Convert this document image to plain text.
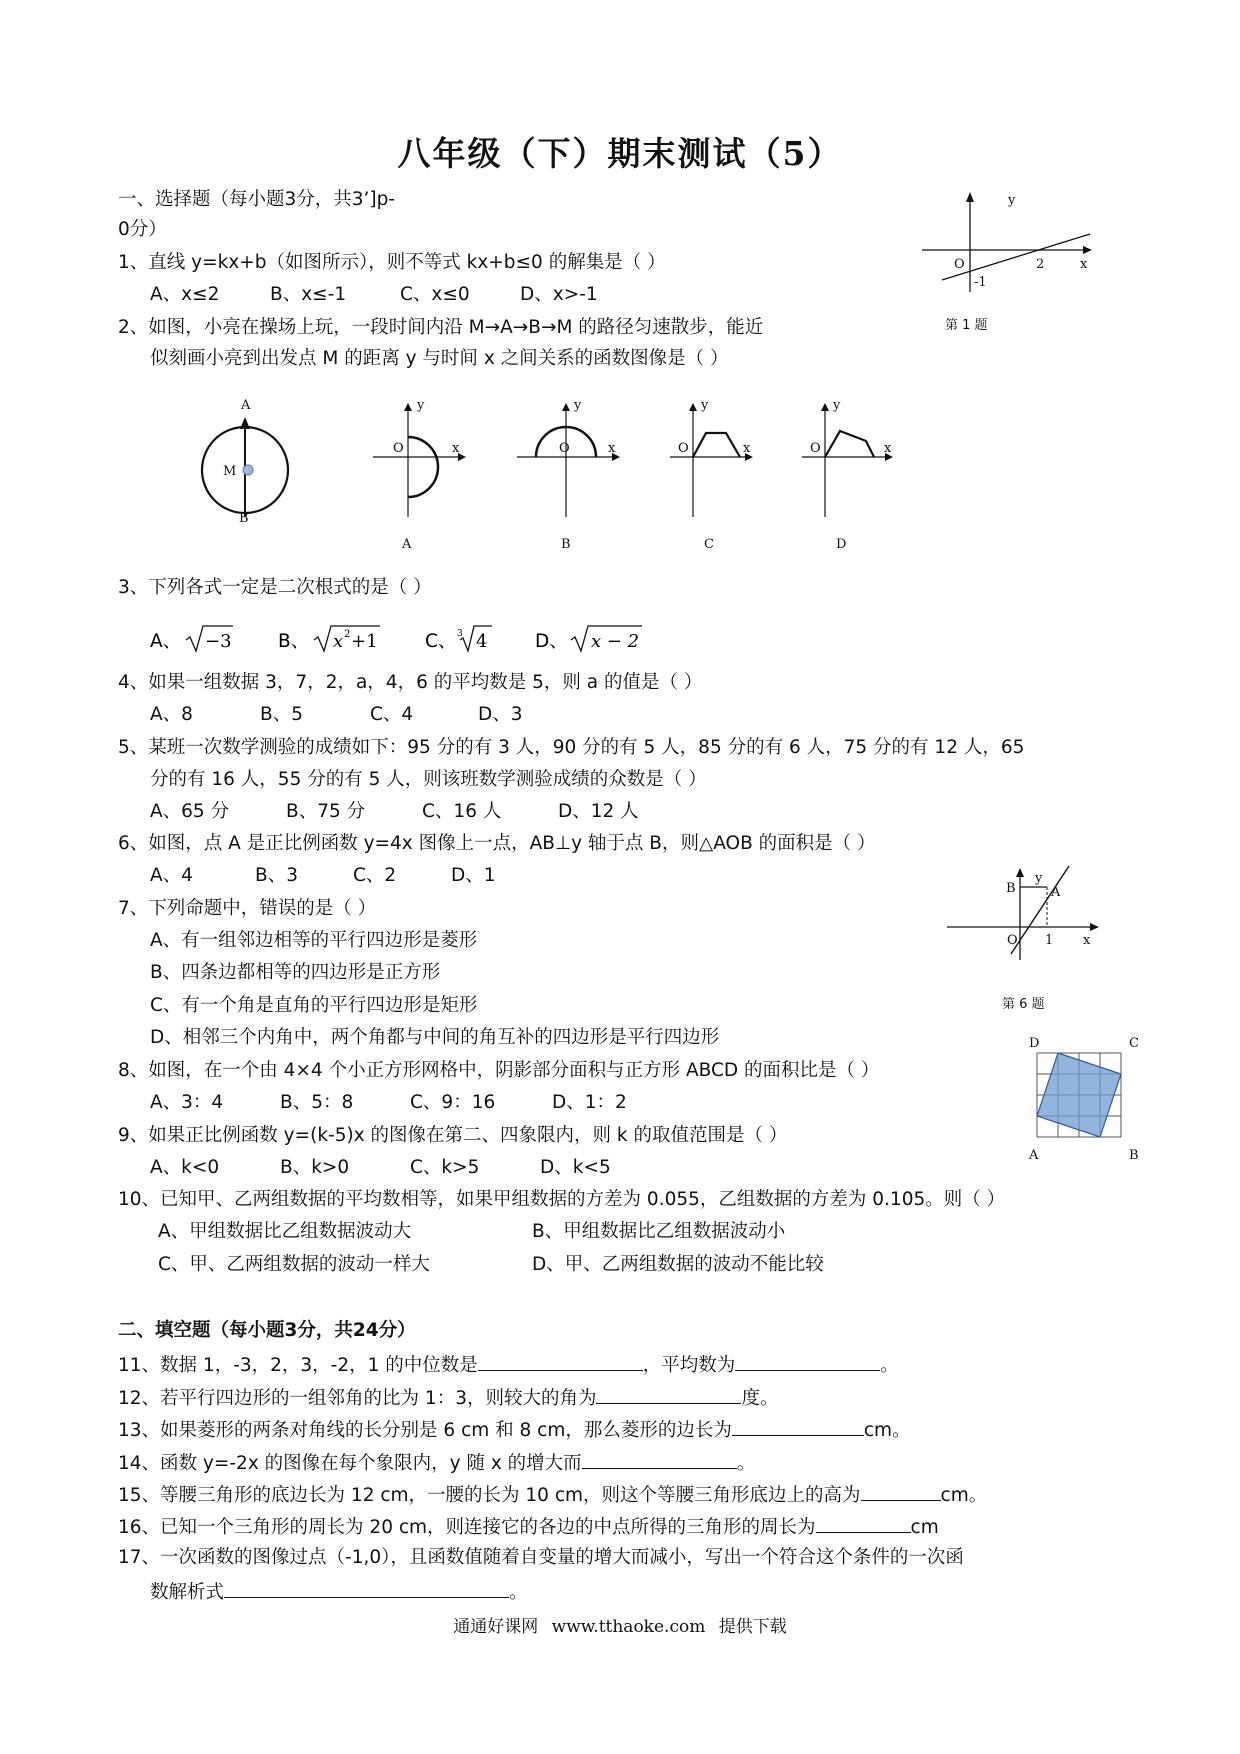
八年级（下）期末测试（5）
一、选择题（每小题3分，共3’]p-
0分）
1、直线 y=kx+b（如图所示），则不等式 kx+b≤0 的解集是（ ）
A、x≤2	B、x≤-1	C、x≤0	D、x>-1
y
O	2	x
-1
第 1 题
2、如图，小亮在操场上玩，一段时间内沿 M→A→B→M 的路径匀速散步，能近
似刻画小亮到出发点 M 的距离 y 与时间 x 之间关系的函数图像是（ ）
A
M
B
y
O	x
y
O	x
y
O	x
y
O	x
A	B	C	D
3、下列各式一定是二次根式的是（ ）
A、 −3	B、 x 2 +1	C、 3 4	D、 x − 2
4、如果一组数据 3，7，2，a，4，6 的平均数是 5，则 a 的值是（ ）
A、8	B、5	C、4	D、3
5、某班一次数学测验的成绩如下：95 分的有 3 人，90 分的有 5 人，85 分的有 6 人，75 分的有 12 人，65
分的有 16 人，55 分的有 5 人，则该班数学测验成绩的众数是（ ）
A、65 分	B、75 分	C、16 人	D、12 人
6、如图，点 A 是正比例函数 y=4x 图像上一点，AB⊥y 轴于点 B，则△AOB 的面积是（ ）
A、4	B、3	C、2	D、1
B
y
A
O 1 x
第 6 题
7、下列命题中，错误的是（ ）
A、有一组邻边相等的平行四边形是菱形
B、四条边都相等的四边形是正方形
C、有一个角是直角的平行四边形是矩形
D、相邻三个内角中，两个角都与中间的角互补的四边形是平行四边形
8、如图，在一个由 4×4 个小正方形网格中，阴影部分面积与正方形 ABCD 的面积比是（ ）
A、3：4	B、5：8	C、9：16	D、1：2
D	C
A	B
9、如果正比例函数 y=(k-5)x 的图像在第二、四象限内，则 k 的取值范围是（ ）
A、k<0	B、k>0	C、k>5	D、k<5
10、已知甲、乙两组数据的平均数相等，如果甲组数据的方差为 0.055，乙组数据的方差为 0.105。则（ ）
A、甲组数据比乙组数据波动大	B、甲组数据比乙组数据波动小
C、甲、乙两组数据的波动一样大	D、甲、乙两组数据的波动不能比较
二、填空题（每小题3分，共24分）
11、数据 1，-3，2，3，-2，1 的中位数是	，平均数为	。
12、若平行四边形的一组邻角的比为 1：3，则较大的角为	度。
13、如果菱形的两条对角线的长分别是 6 cm 和 8 cm，那么菱形的边长为	cm。
14、函数 y=-2x 的图像在每个象限内，y 随 x 的增大而	。
15、等腰三角形的底边长为 12 cm，一腰的长为 10 cm，则这个等腰三角形底边上的高为	cm。
16、已知一个三角形的周长为 20 cm，则连接它的各边的中点所得的三角形的周长为	cm
17、一次函数的图像过点（-1,0），且函数值随着自变量的增大而减小，写出一个符合这个条件的一次函
数解析式	。
通通好课网 www.tthaoke.com 提供下载
